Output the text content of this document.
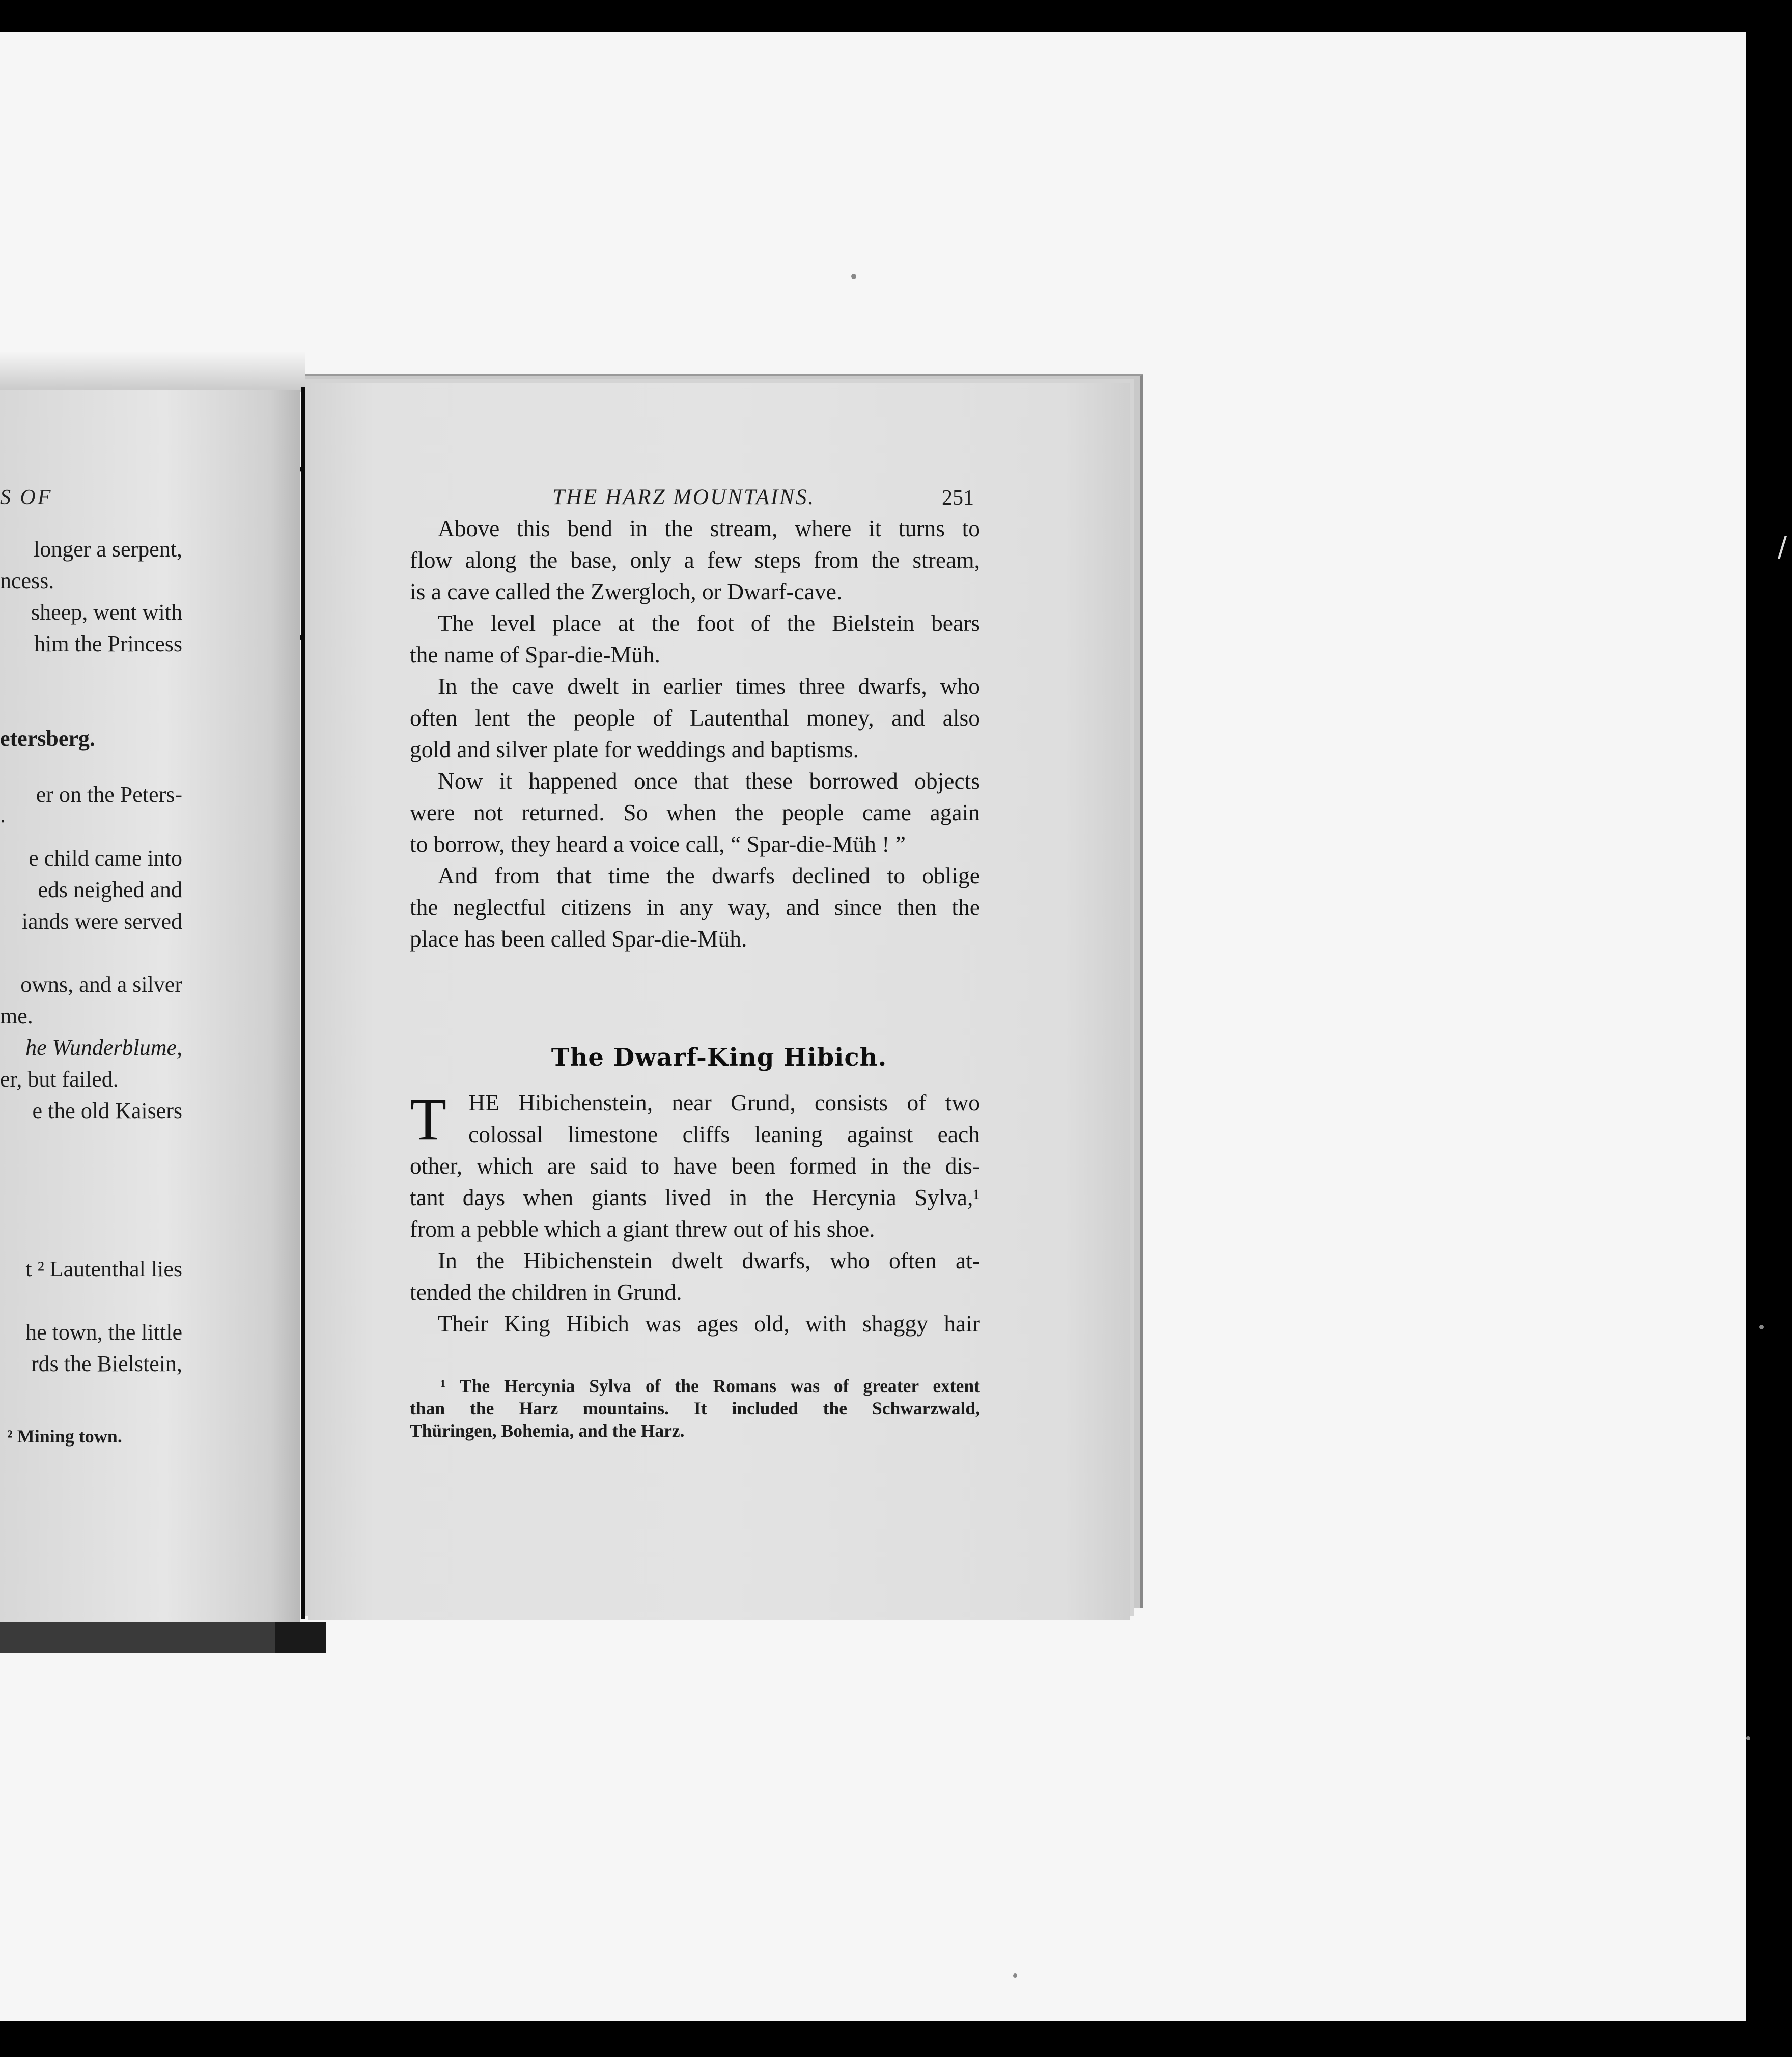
/
S OF
longer a serpent,
ncess.
sheep, went with
him the Princess
etersberg.
er on the Peters-
.
e child came into
eds neighed and
iands were served
owns, and a silver
me.
he Wunderblume,
er, but failed.
e the old Kaisers
t ² Lautenthal lies
he town, the little
rds the Bielstein,
² Mining town.
THE HARZ MOUNTAINS.	251
Above this bend in the stream, where it turns to
flow along the base, only a few steps from the stream,
is a cave called the Zwergloch, or Dwarf-cave.
The level place at the foot of the Bielstein bears
the name of Spar-die-Müh.
In the cave dwelt in earlier times three dwarfs, who
often lent the people of Lautenthal money, and also
gold and silver plate for weddings and baptisms.
Now it happened once that these borrowed objects
were not returned. So when the people came again
to borrow, they heard a voice call, “ Spar-die-Müh ! ”
And from that time the dwarfs declined to oblige
the neglectful citizens in any way, and since then the
place has been called Spar-die-Müh.
The Dwarf-King Hibich.
T HE Hibichenstein, near Grund, consists of two
colossal limestone cliffs leaning against each
other, which are said to have been formed in the dis-
tant days when giants lived in the Hercynia Sylva,¹
from a pebble which a giant threw out of his shoe.
In the Hibichenstein dwelt dwarfs, who often at-
tended the children in Grund.
Their King Hibich was ages old, with shaggy hair
¹ The Hercynia Sylva of the Romans was of greater extent
than the Harz mountains. It included the Schwarzwald,
Thüringen, Bohemia, and the Harz.
